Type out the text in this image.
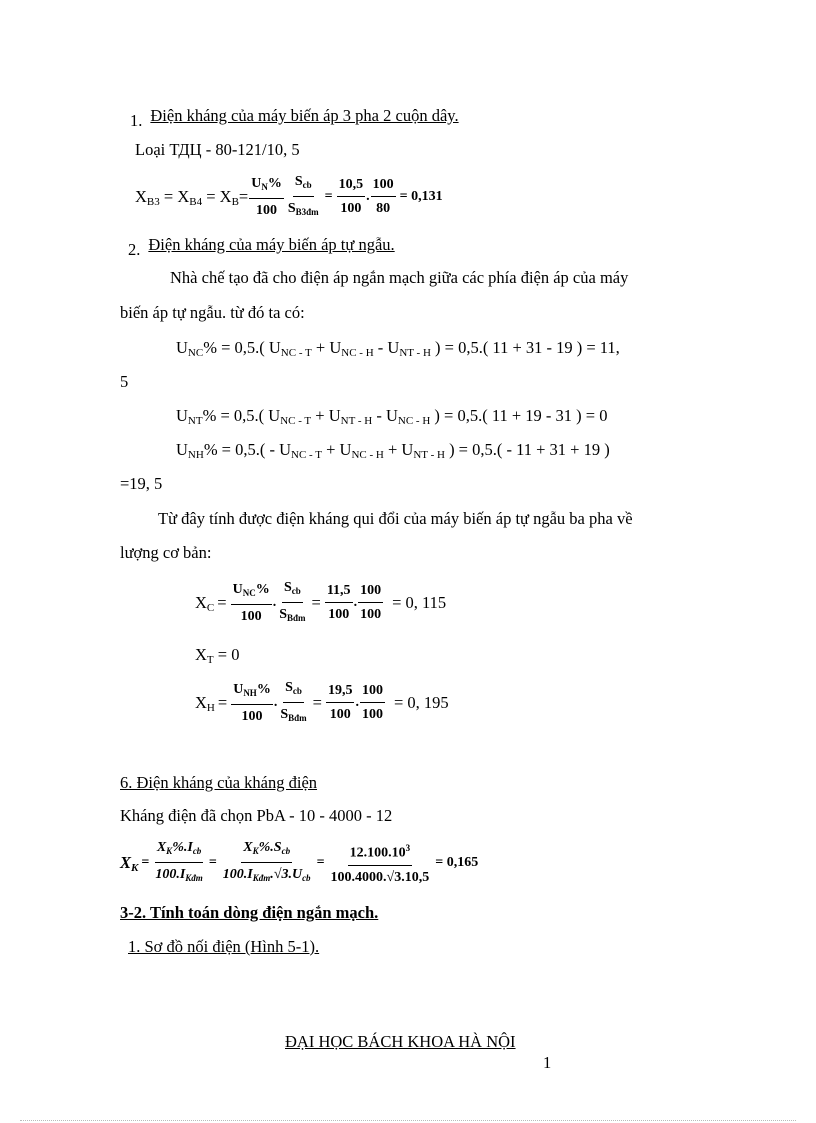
1. Điện kháng của máy biến áp 3 pha 2 cuộn dây.
Loại ТДЦ - 80-121/10, 5
$X_{B3} = X_{B4} = X_B= \frac{U_N\%}{100} \frac{S_{cb}}{S_{B3đm}} = \frac{10,5}{100}$ . $\frac{100}{80} = 0,131$
2. Điện kháng của máy biến áp tự ngẫu.
Nhà chế tạo đã cho điện áp ngắn mạch giữa các phía điện áp của máy
biến áp tự ngẫu. từ đó ta có:
$U_{NC}\% = 0,5$.( $U_{NC - T} + U_{NC - H} - U_{NT - H}$ ) = 0,5.( 11 + 31 - 19 ) = 11,
5
$U_{NT}\% = 0,5$.( $U_{NC - T} + U_{NT - H} - U_{NC - H}$ ) = 0,5.( 11 + 19 - 31 ) = 0
$U_{NH}\% = 0,5.( - U_{NC - T} + U_{NC - H} + U_{NT - H}$ ) = 0,5.( - 11 + 31 + 19 )
=19, 5
Từ đây tính được điện kháng qui đổi của máy biến áp tự ngẫu ba pha về
lượng cơ bản:
$X_C = \frac{U_{NC}\%}{100}$ . $\frac{S_{cb}}{S_{Bđm}} = \frac{11,5}{100}$ . $\frac{100}{100} = 0$, 115
$X_T = 0$
$X_H = \frac{U_{NH}\%}{100}$ . $\frac{S_{cb}}{S_{Bđm}} = \frac{19,5}{100}$ . $\frac{100}{100} = 0$, 195
6. Điện kháng của kháng điện
Kháng điện đã chọn PbA - 10 - 4000 - 12
$X_K = \frac{X_K\%.I_{cb}}{100.I_{Kđm}} = \frac{X_K\%.S_{cb}}{100.I_{Kđm}.√3.U_{cb}} = \frac{12.100.10^3}{100.4000.√3.10,5} = 0,165$
3-2. Tính toán dòng điện ngắn mạch.
1. Sơ đồ nối điện (Hình 5-1).
ĐẠI HỌC BÁCH KHOA HÀ NỘI
1
